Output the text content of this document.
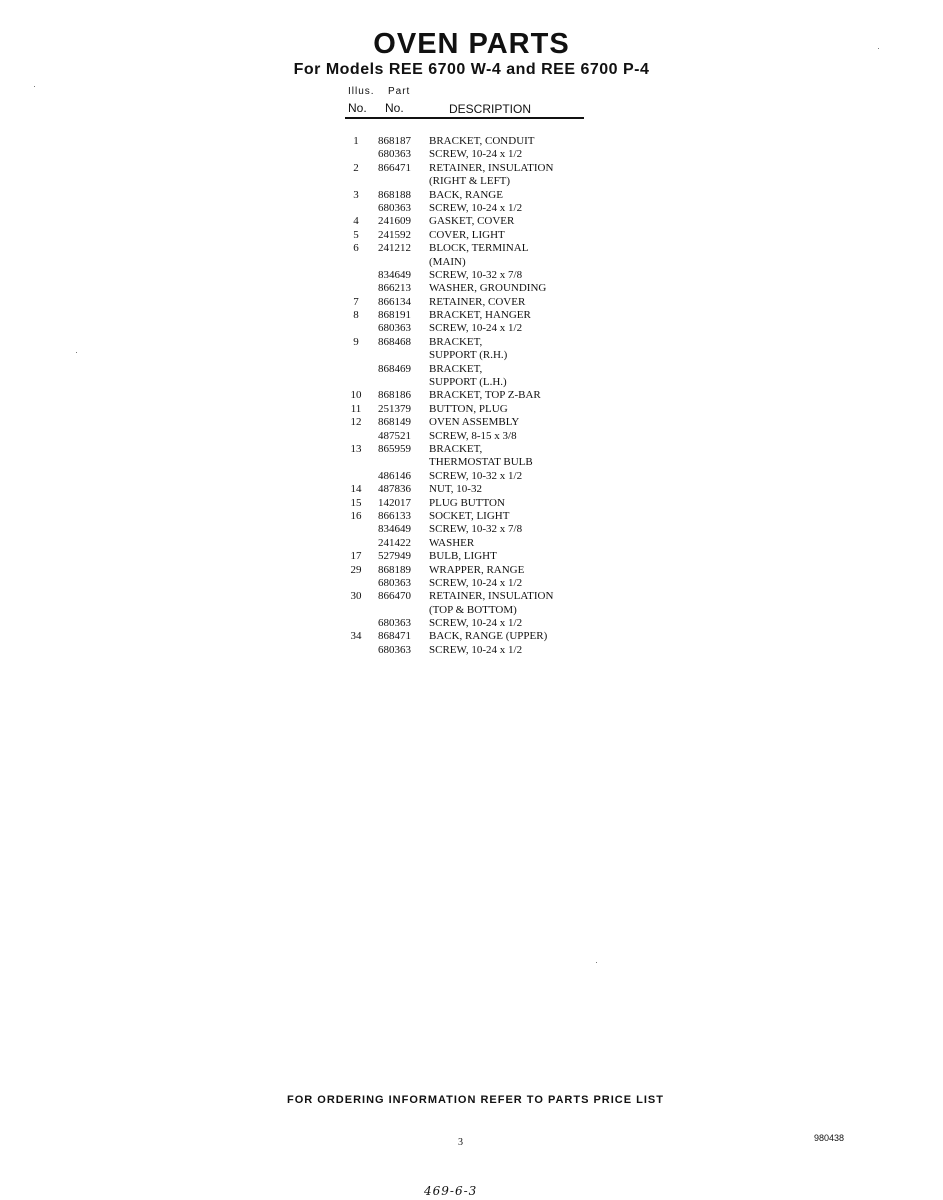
OVEN PARTS
For Models REE 6700 W-4 and REE 6700 P-4
Illus. Part
No. No.	DESCRIPTION
1	868187 BRACKET, CONDUIT
680363 SCREW, 10-24 x 1/2
2	866471 RETAINER, INSULATION
(RIGHT & LEFT)
3	868188 BACK, RANGE
680363 SCREW, 10-24 x 1/2
4	241609 GASKET, COVER
5	241592 COVER, LIGHT
6	241212 BLOCK, TERMINAL
(MAIN)
834649 SCREW, 10-32 x 7/8
866213 WASHER, GROUNDING
7	866134 RETAINER, COVER
8	868191 BRACKET, HANGER
680363 SCREW, 10-24 x 1/2
9	868468 BRACKET,
SUPPORT (R.H.)
868469 BRACKET,
SUPPORT (L.H.)
10	868186 BRACKET, TOP Z-BAR
11	251379 BUTTON, PLUG
12	868149 OVEN ASSEMBLY
487521 SCREW, 8-15 x 3/8
13	865959 BRACKET,
THERMOSTAT BULB
486146 SCREW, 10-32 x 1/2
14	487836 NUT, 10-32
15	142017 PLUG BUTTON
16	866133 SOCKET, LIGHT
834649 SCREW, 10-32 x 7/8
241422 WASHER
17	527949 BULB, LIGHT
29	868189 WRAPPER, RANGE
680363 SCREW, 10-24 x 1/2
30	866470 RETAINER, INSULATION
(TOP & BOTTOM)
680363 SCREW, 10-24 x 1/2
34	868471 BACK, RANGE (UPPER)
680363 SCREW, 10-24 x 1/2
FOR ORDERING INFORMATION REFER TO PARTS PRICE LIST
3	980438
469-6-3
